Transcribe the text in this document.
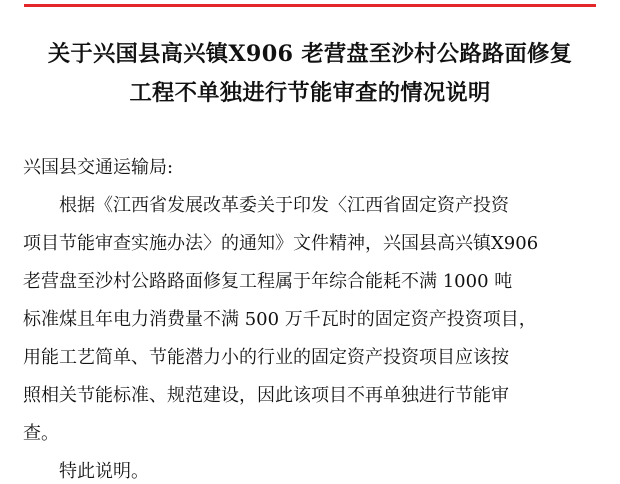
关于兴国县高兴镇X906 老营盘至沙村公路路面修复
工程不单独进行节能审查的情况说明
兴国县交通运输局:
根据《江西省发展改革委关于印发〈江西省固定资产投资
项目节能审查实施办法〉的通知》文件精神，兴国县高兴镇X906
老营盘至沙村公路路面修复工程属于年综合能耗不满 1000 吨
标准煤且年电力消费量不满 500 万千瓦时的固定资产投资项目，
用能工艺简单、节能潜力小的行业的固定资产投资项目应该按
照相关节能标准、规范建设，因此该项目不再单独进行节能审
查。
特此说明。
